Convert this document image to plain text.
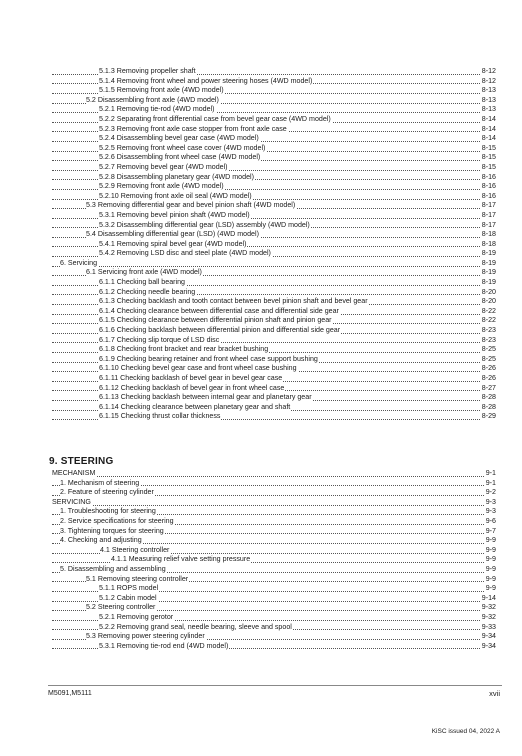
5.1.3 Removing propeller shaft	8-12
5.1.4 Removing front wheel and power steering hoses (4WD model)	8-12
5.1.5 Removing front axle (4WD model)	8-13
5.2 Disassembling front axle (4WD model)	8-13
5.2.1 Removing tie-rod (4WD model)	8-13
5.2.2 Separating front differential case from bevel gear case (4WD model)	8-14
5.2.3 Removing front axle case stopper from front axle case	8-14
5.2.4 Disassembling bevel gear case (4WD model)	8-14
5.2.5 Removing front wheel case cover (4WD model)	8-15
5.2.6 Disassembling front wheel case (4WD model)	8-15
5.2.7 Removing bevel gear (4WD model)	8-15
5.2.8 Disassembling planetary gear (4WD model)	8-16
5.2.9 Removing front axle (4WD model)	8-16
5.2.10 Removing front axle oil seal (4WD model)	8-16
5.3 Removing differential gear and bevel pinion shaft (4WD model)	8-17
5.3.1 Removing bevel pinion shaft (4WD model)	8-17
5.3.2 Disassembling differential gear (LSD) assembly (4WD model)	8-17
5.4 Disassembling differential gear (LSD) (4WD model)	8-18
5.4.1 Removing spiral bevel gear (4WD model)	8-18
5.4.2 Removing LSD disc and steel plate (4WD model)	8-19
6. Servicing	8-19
6.1 Servicing front axle (4WD model)	8-19
6.1.1 Checking ball bearing	8-19
6.1.2 Checking needle bearing	8-20
6.1.3 Checking backlash and tooth contact between bevel pinion shaft and bevel gear	8-20
6.1.4 Checking clearance between differential case and differential side gear	8-22
6.1.5 Checking clearance between differential pinion shaft and pinion gear	8-22
6.1.6 Checking backlash between differential pinion and differential side gear	8-23
6.1.7 Checking slip torque of LSD disc	8-23
6.1.8 Checking front bracket and rear bracket bushing	8-25
6.1.9 Checking bearing retainer and front wheel case support bushing	8-25
6.1.10 Checking bevel gear case and front wheel case bushing	8-26
6.1.11 Checking backlash of bevel gear in bevel gear case	8-26
6.1.12 Checking backlash of bevel gear in front wheel case	8-27
6.1.13 Checking backlash between internal gear and planetary gear	8-28
6.1.14 Checking clearance between planetary gear and shaft	8-28
6.1.15 Checking thrust collar thickness	8-29
9. STEERING
MECHANISM	9-1
1. Mechanism of steering	9-1
2. Feature of steering cylinder	9-2
SERVICING	9-3
1. Troubleshooting for steering	9-3
2. Service specifications for steering	9-6
3. Tightening torques for steering	9-7
4. Checking and adjusting	9-9
4.1 Steering controller	9-9
4.1.1 Measuring relief valve setting pressure	9-9
5. Disassembling and assembling	9-9
5.1 Removing steering controller	9-9
5.1.1 ROPS model	9-9
5.1.2 Cabin model	9-14
5.2 Steering controller	9-32
5.2.1 Removing gerotor	9-32
5.2.2 Removing grand seal, needle bearing, sleeve and spool	9-33
5.3 Removing power steering cylinder	9-34
5.3.1 Removing tie-rod end (4WD model)	9-34
M5091,M5111	xvii
KiSC issued 04, 2022 A
